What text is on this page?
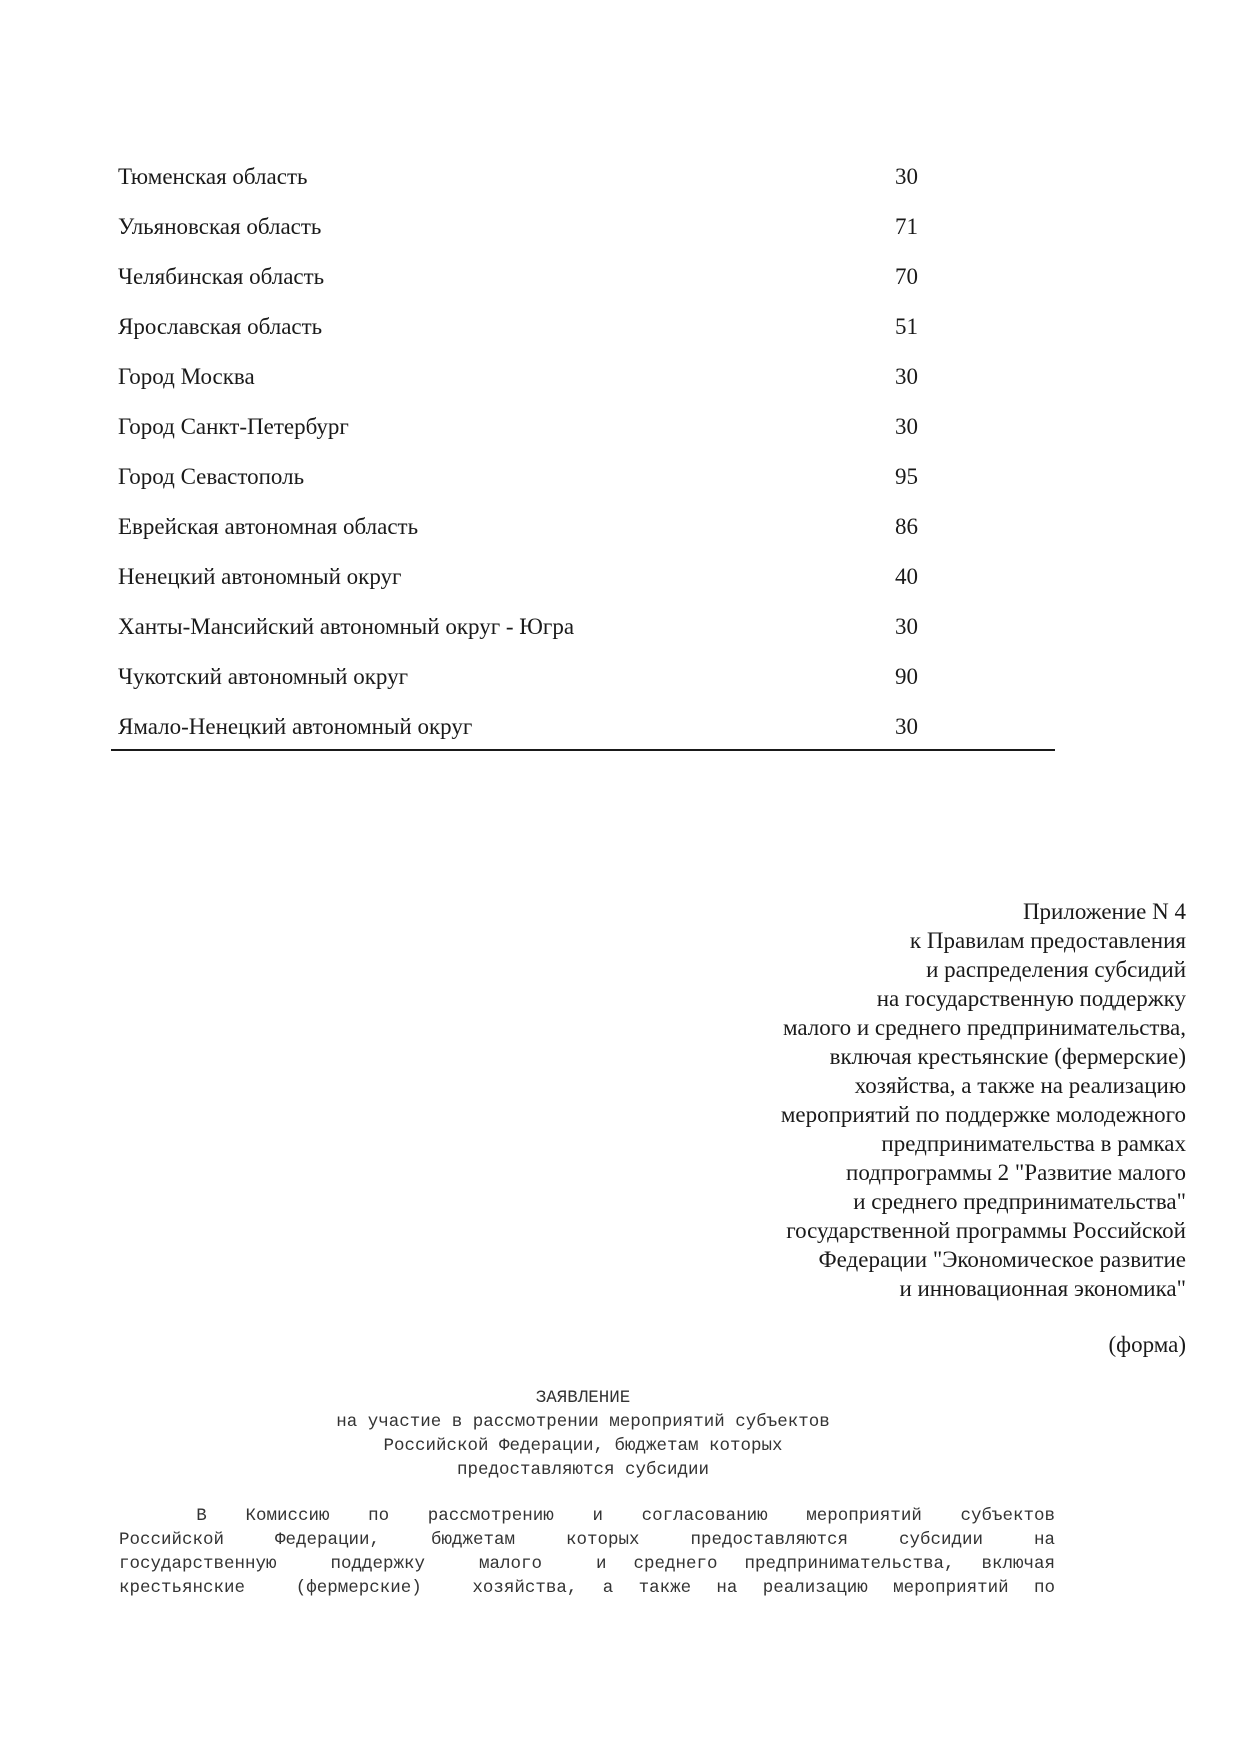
Тюменская область	30
Ульяновская область	71
Челябинская область	70
Ярославская область	51
Город Москва	30
Город Санкт-Петербург	30
Город Севастополь	95
Еврейская автономная область	86
Ненецкий автономный округ	40
Ханты-Мансийский автономный округ - Югра	30
Чукотский автономный округ	90
Ямало-Ненецкий автономный округ	30
Приложение N 4
к Правилам предоставления
и распределения субсидий
на государственную поддержку
малого и среднего предпринимательства,
включая крестьянские (фермерские)
хозяйства, а также на реализацию
мероприятий по поддержке молодежного
предпринимательства в рамках
подпрограммы 2 "Развитие малого
и среднего предпринимательства"
государственной программы Российской
Федерации "Экономическое развитие
и инновационная экономика"
(форма)
ЗАЯВЛЕНИЕ
на участие в рассмотрении мероприятий субъектов
Российской Федерации, бюджетам которых
предоставляются субсидии
В  Комиссию  по  рассмотрению  и  согласованию  мероприятий  субъектов
Российской  Федерации,  бюджетам  которых  предоставляются  субсидии  на
государственную  поддержку  малого  и среднего предпринимательства, включая
крестьянские  (фермерские)  хозяйства, а также на реализацию мероприятий по
